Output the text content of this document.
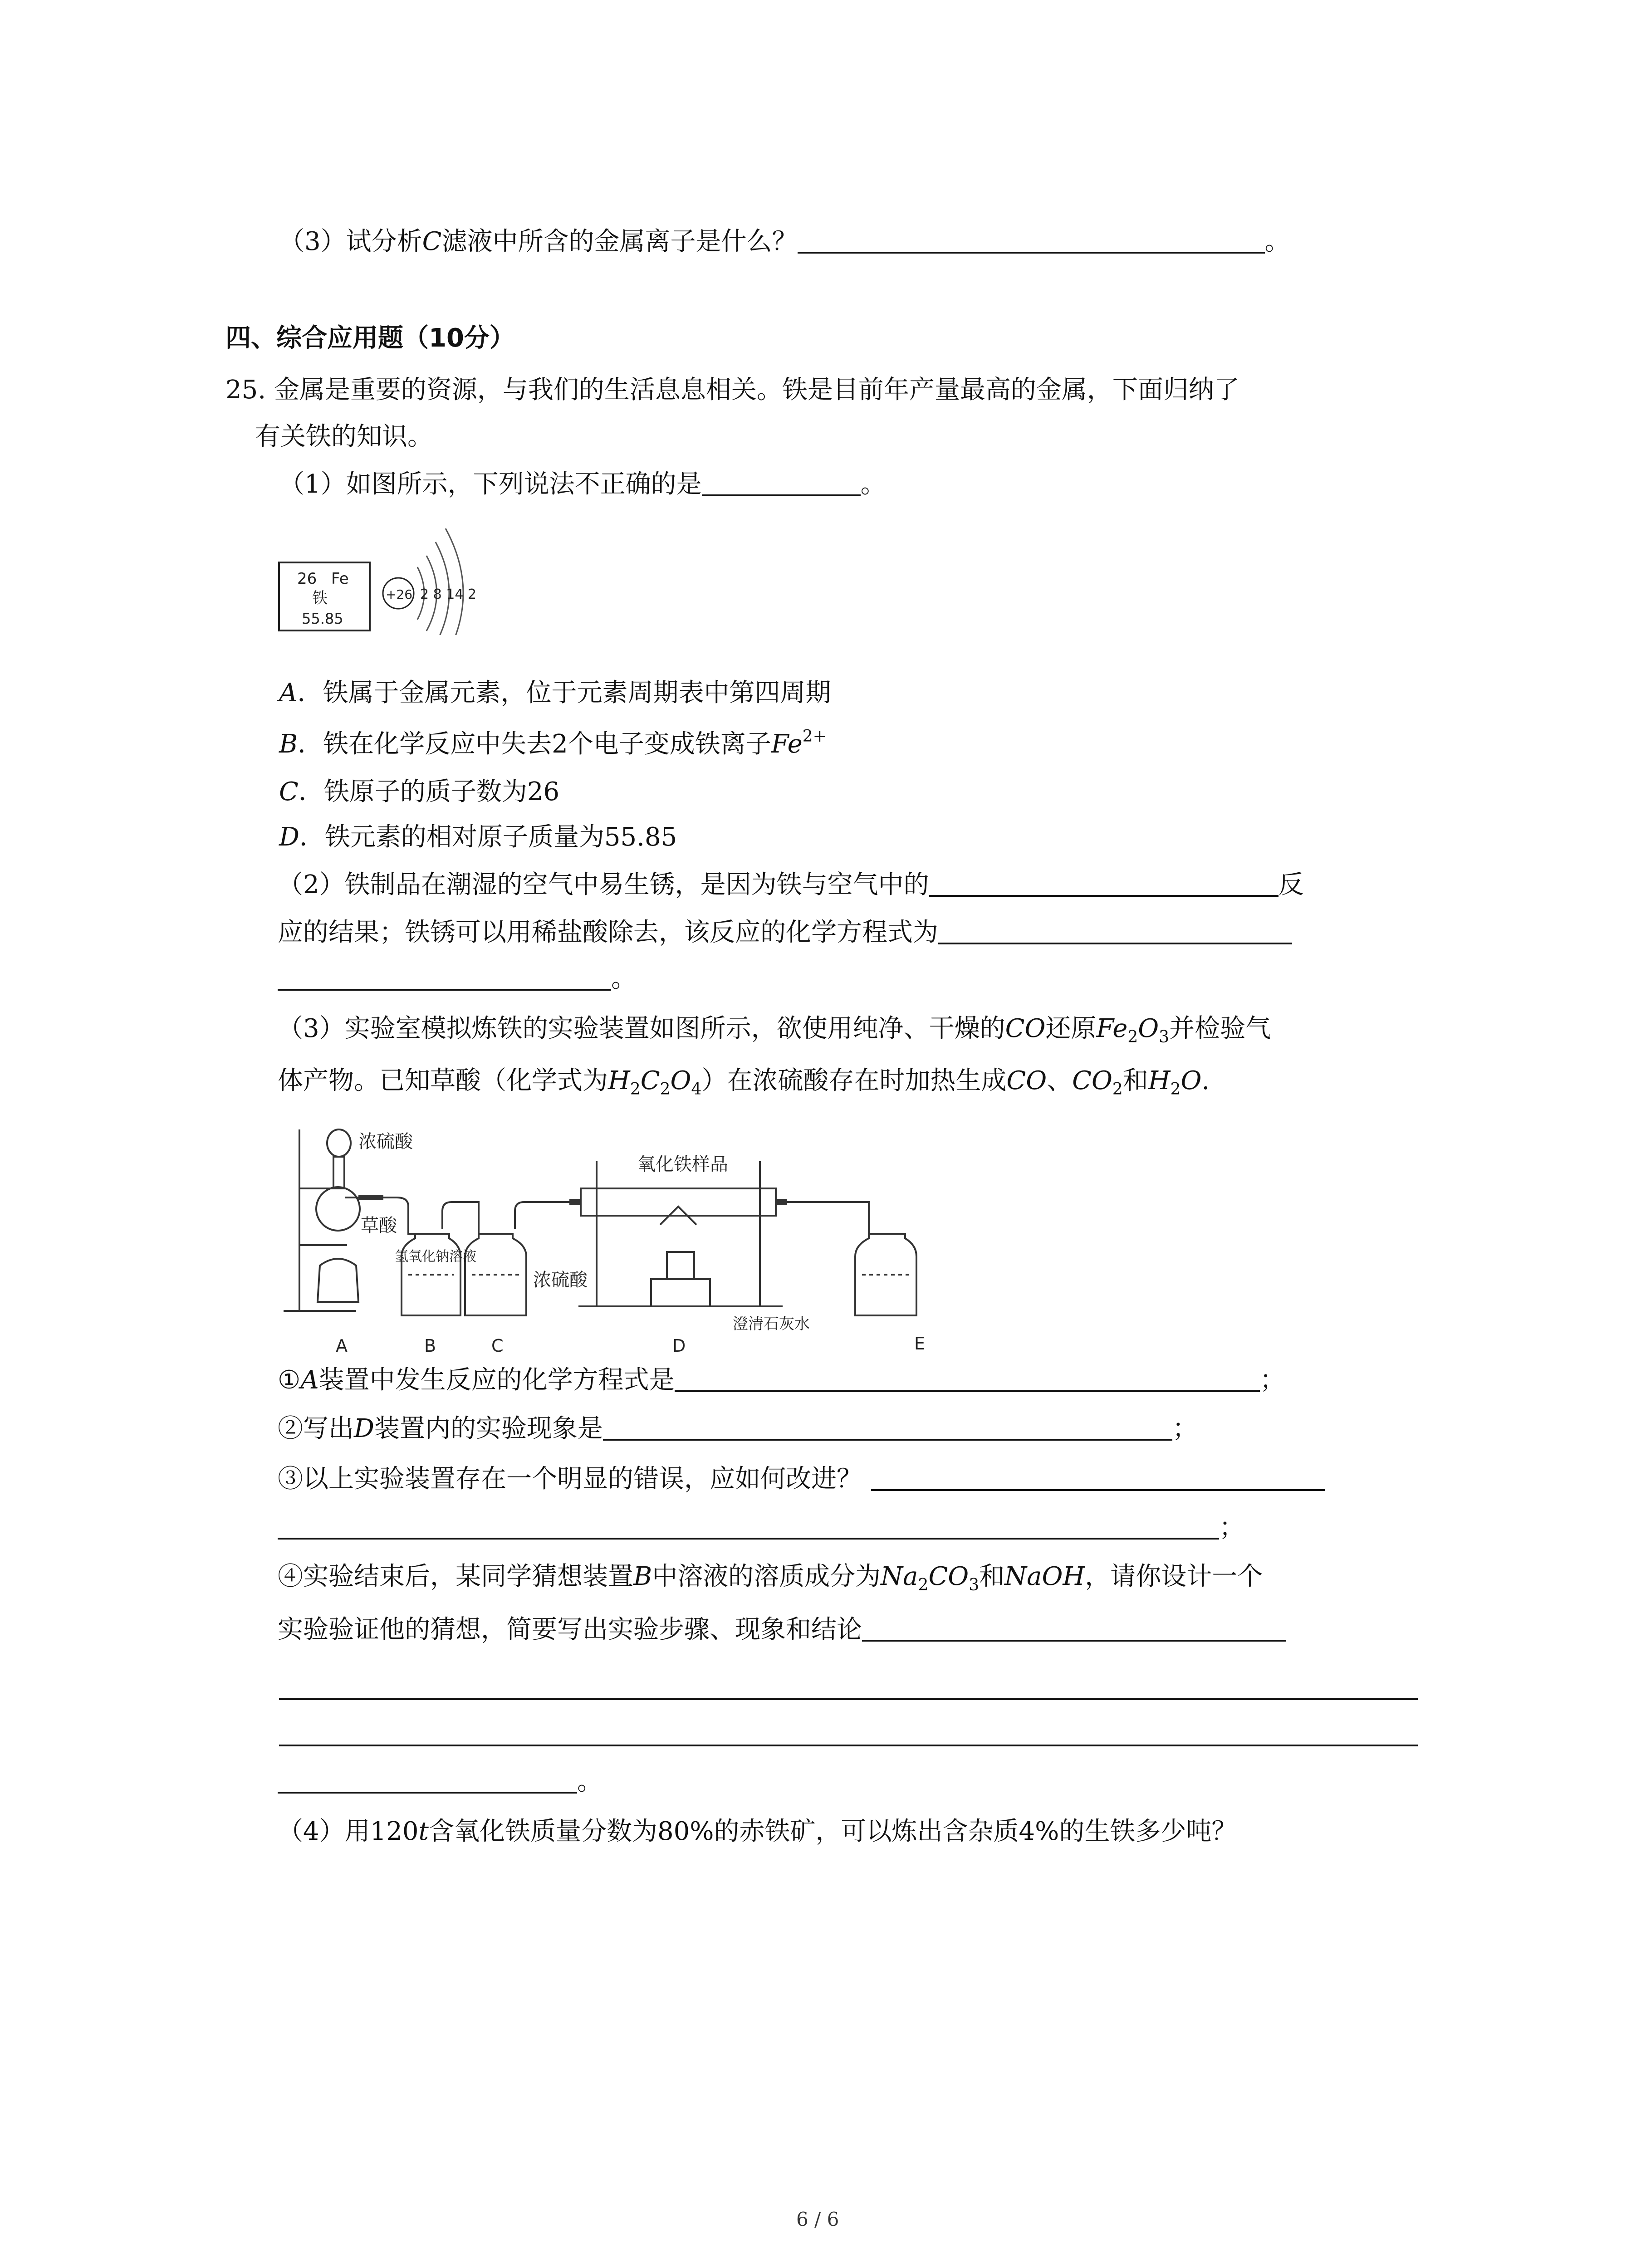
（3）试分析C滤液中所含的金属离子是什么？	。
四、综合应用题（10分）
25. 金属是重要的资源，与我们的生活息息相关。铁是目前年产量最高的金属，下面归纳了
有关铁的知识。
（1）如图所示，下列说法不正确的是	。
26 Fe
铁
55.85
+26 2 8 14 2
A．铁属于金属元素，位于元素周期表中第四周期
B．铁在化学反应中失去2个电子变成铁离子$Fe^{2+}$
C．铁原子的质子数为26
D．铁元素的相对原子质量为55.85
（2）铁制品在潮湿的空气中易生锈，是因为铁与空气中的	反
应的结果；铁锈可以用稀盐酸除去，该反应的化学方程式为
。
（3）实验室模拟炼铁的实验装置如图所示，欲使用纯净、干燥的CO还原$Fe_2O_3$并检验气
体产物。已知草酸（化学式为$H_2C_2O_4$）在浓硫酸存在时加热生成CO、$CO_2$和$H_2O$.
浓硫酸
草酸
氢氧化钠溶液
浓硫酸
氧化铁样品
澄清石灰水
A	B	C	D	E
①A装置中发生反应的化学方程式是	；
②写出D装置内的实验现象是	；
③以上实验装置存在一个明显的错误，应如何改进？
；
④实验结束后，某同学猜想装置B中溶液的溶质成分为$Na_2CO_3$和NaOH，请你设计一个
实验验证他的猜想，简要写出实验步骤、现象和结论
。
（4）用120t含氧化铁质量分数为80%的赤铁矿，可以炼出含杂质4%的生铁多少吨？
6 / 6
